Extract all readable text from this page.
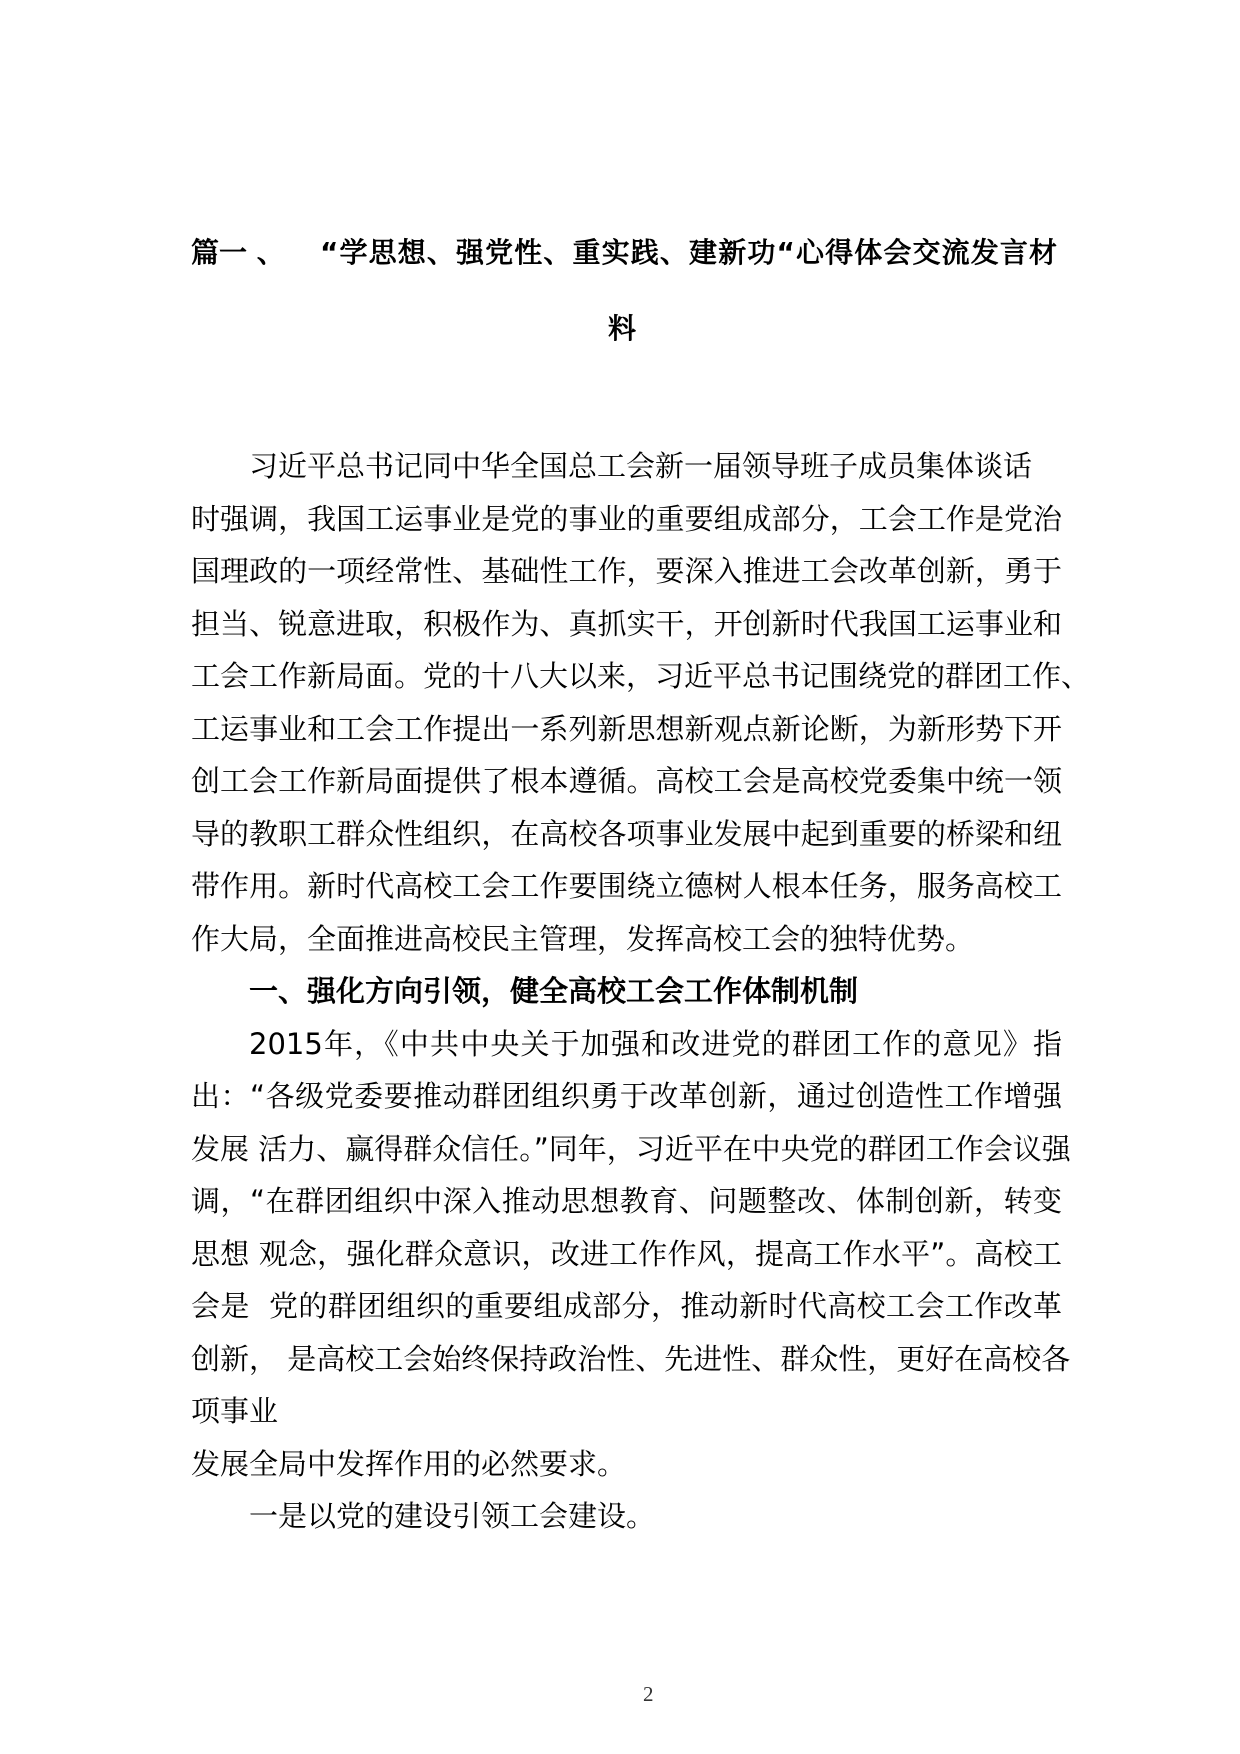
篇一 、 “学思想、强党性、重实践、建新功“心得体会交流发言材
料
习近平总书记同中华全国总工会新一届领导班子成员集体谈话
时强调，我国工运事业是党的事业的重要组成部分，工会工作是党治
国理政的一项经常性、基础性工作，要深入推进工会改革创新，勇于
担当、锐意进取，积极作为、真抓实干，开创新时代我国工运事业和
工会工作新局面。党的十八大以来，习近平总书记围绕党的群团工作、
工运事业和工会工作提出一系列新思想新观点新论断，为新形势下开
创工会工作新局面提供了根本遵循。高校工会是高校党委集中统一领
导的教职工群众性组织，在高校各项事业发展中起到重要的桥梁和纽
带作用。新时代高校工会工作要围绕立德树人根本任务，服务高校工
作大局，全面推进高校民主管理，发挥高校工会的独特优势。
一、强化方向引领，健全高校工会工作体制机制
2015年，《中共中央关于加强和改进党的群团工作的意见》指
出：“各级党委要推动群团组织勇于改革创新，通过创造性工作增强
发展 活力、赢得群众信任。”同年，习近平在中央党的群团工作会议强
调，“在群团组织中深入推动思想教育、问题整改、体制创新，转变
思想 观念，强化群众意识，改进工作作风，提高工作水平”。高校工
会是  党的群团组织的重要组成部分，推动新时代高校工会工作改革
创新， 是高校工会始终保持政治性、先进性、群众性，更好在高校各
项事业
发展全局中发挥作用的必然要求。
一是以党的建设引领工会建设。
2
